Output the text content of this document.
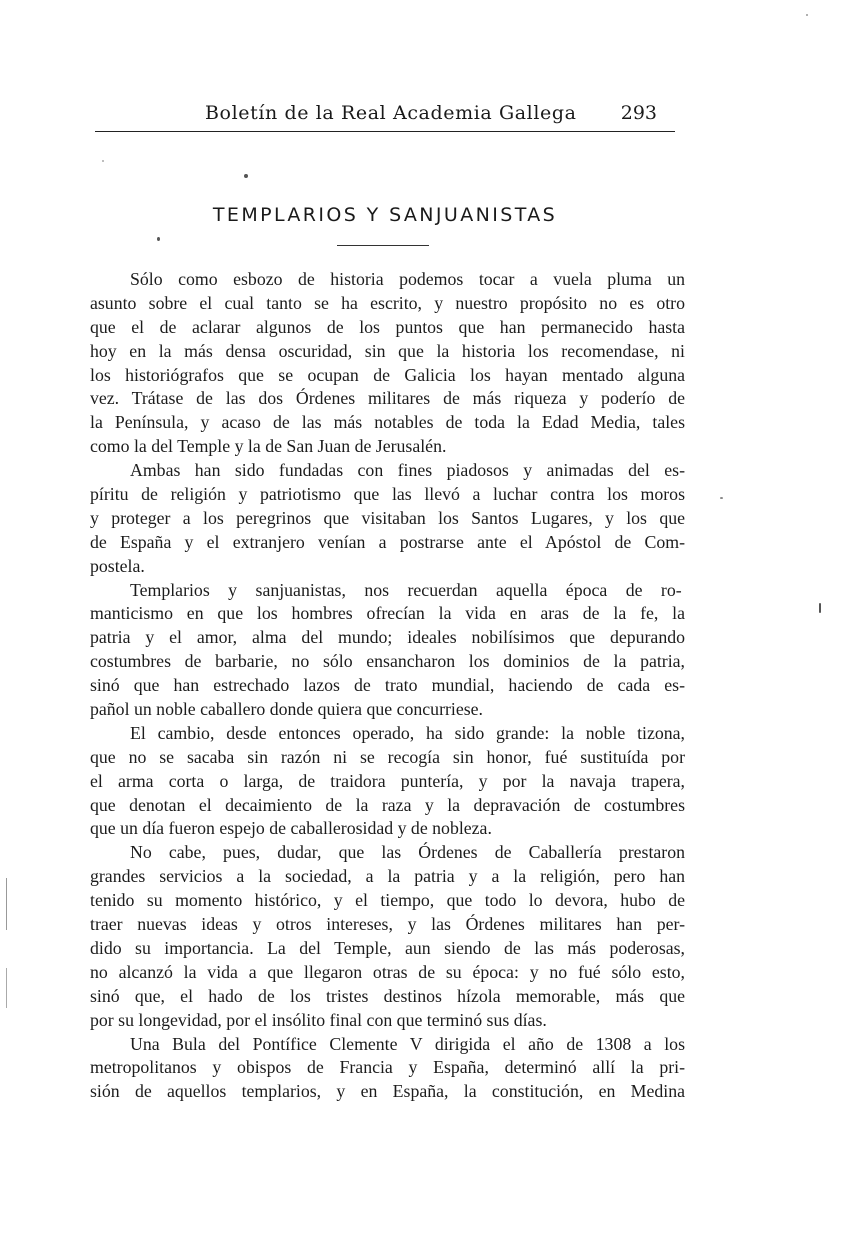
Boletín de la Real Academia Gallega 293
TEMPLARIOS Y SANJUANISTAS
Sólo como esbozo de historia podemos tocar a vuela pluma un
asunto sobre el cual tanto se ha escrito, y nuestro propósito no es otro
que el de aclarar algunos de los puntos que han permanecido hasta
hoy en la más densa oscuridad, sin que la historia los recomendase, ni
los historiógrafos que se ocupan de Galicia los hayan mentado alguna
vez. Trátase de las dos Órdenes militares de más riqueza y poderío de
la Península, y acaso de las más notables de toda la Edad Media, tales
como la del Temple y la de San Juan de Jerusalén.
Ambas han sido fundadas con fines piadosos y animadas del es-
píritu de religión y patriotismo que las llevó a luchar contra los moros
y proteger a los peregrinos que visitaban los Santos Lugares, y los que
de España y el extranjero venían a postrarse ante el Apóstol de Com-
postela.
Templarios y sanjuanistas, nos recuerdan aquella época de ro-
manticismo en que los hombres ofrecían la vida en aras de la fe, la
patria y el amor, alma del mundo; ideales nobilísimos que depurando
costumbres de barbarie, no sólo ensancharon los dominios de la patria,
sinó que han estrechado lazos de trato mundial, haciendo de cada es-
pañol un noble caballero donde quiera que concurriese.
El cambio, desde entonces operado, ha sido grande: la noble tizona,
que no se sacaba sin razón ni se recogía sin honor, fué sustituída por
el arma corta o larga, de traidora puntería, y por la navaja trapera,
que denotan el decaimiento de la raza y la depravación de costumbres
que un día fueron espejo de caballerosidad y de nobleza.
No cabe, pues, dudar, que las Órdenes de Caballería prestaron
grandes servicios a la sociedad, a la patria y a la religión, pero han
tenido su momento histórico, y el tiempo, que todo lo devora, hubo de
traer nuevas ideas y otros intereses, y las Órdenes militares han per-
dido su importancia. La del Temple, aun siendo de las más poderosas,
no alcanzó la vida a que llegaron otras de su época: y no fué sólo esto,
sinó que, el hado de los tristes destinos hízola memorable, más que
por su longevidad, por el insólito final con que terminó sus días.
Una Bula del Pontífice Clemente V dirigida el año de 1308 a los
metropolitanos y obispos de Francia y España, determinó allí la pri-
sión de aquellos templarios, y en España, la constitución, en Medina
